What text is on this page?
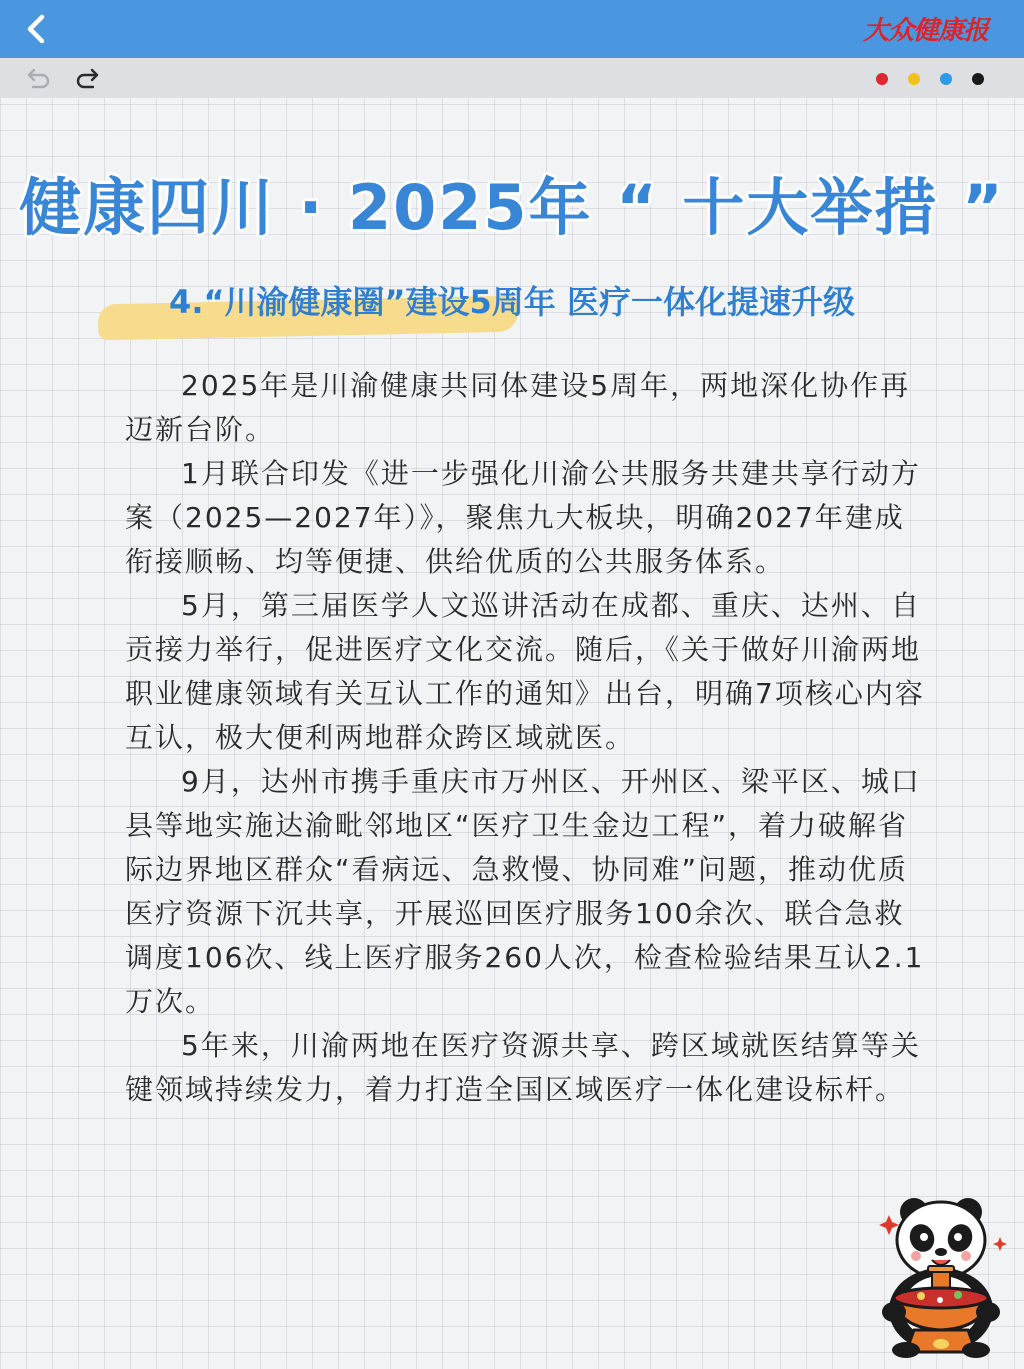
大众健康报
健康四川 · 2025年 “ 十大举措 ”
4.“川渝健康圈”建设5周年 医疗一体化提速升级

2025年是川渝健康共同体建设5周年，两地深化协作再迈新台阶。

1月联合印发《进一步强化川渝公共服务共建共享行动方案（2025—2027年）》，聚焦九大板块，明确2027年建成衔接顺畅、均等便捷、供给优质的公共服务体系。

5月，第三届医学人文巡讲活动在成都、重庆、达州、自贡接力举行，促进医疗文化交流。随后，《关于做好川渝两地职业健康领域有关互认工作的通知》出台，明确7项核心内容互认，极大便利两地群众跨区域就医。

9月，达州市携手重庆市万州区、开州区、梁平区、城口县等地实施达渝毗邻地区“医疗卫生金边工程”，着力破解省际边界地区群众“看病远、急救慢、协同难”问题，推动优质医疗资源下沉共享，开展巡回医疗服务100余次、联合急救调度106次、线上医疗服务260人次，检查检验结果互认2.1万次。

5年来，川渝两地在医疗资源共享、跨区域就医结算等关键领域持续发力，着力打造全国区域医疗一体化建设标杆。
